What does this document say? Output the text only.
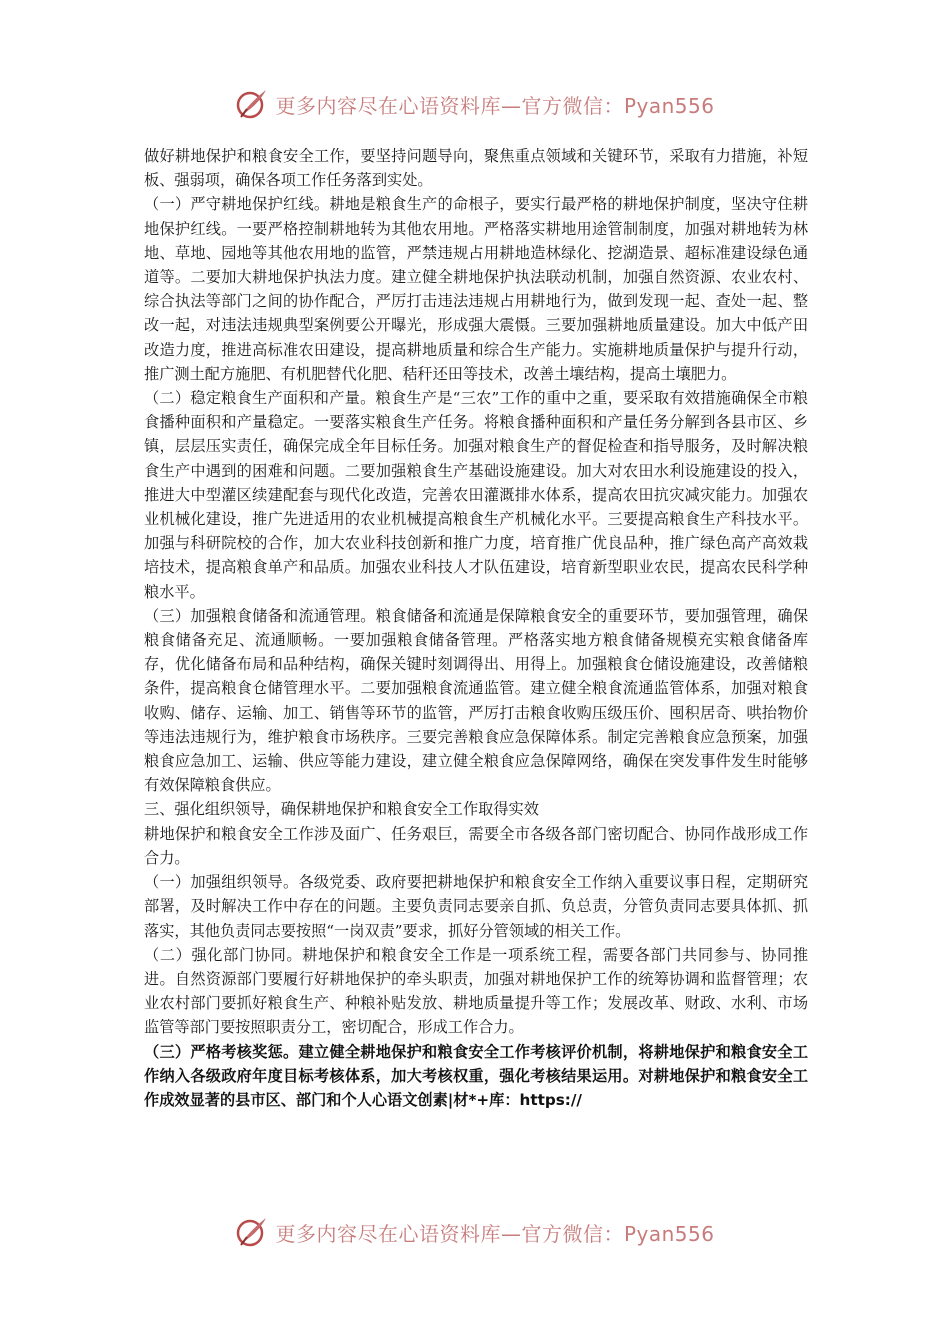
更多内容尽在心语资料库—官方微信：Pyan556

做好耕地保护和粮食安全工作，要坚持问题导向，聚焦重点领域和关键环节，采取有力措施，补短板、强弱项，确保各项工作任务落到实处。

（一）严守耕地保护红线。耕地是粮食生产的命根子，要实行最严格的耕地保护制度，坚决守住耕地保护红线。一要严格控制耕地转为其他农用地。严格落实耕地用途管制制度，加强对耕地转为林地、草地、园地等其他农用地的监管，严禁违规占用耕地造林绿化、挖湖造景、超标准建设绿色通道等。二要加大耕地保护执法力度。建立健全耕地保护执法联动机制，加强自然资源、农业农村、综合执法等部门之间的协作配合，严厉打击违法违规占用耕地行为，做到发现一起、查处一起、整改一起，对违法违规典型案例要公开曝光，形成强大震慑。三要加强耕地质量建设。加大中低产田改造力度，推进高标准农田建设，提高耕地质量和综合生产能力。实施耕地质量保护与提升行动，推广测土配方施肥、有机肥替代化肥、秸秆还田等技术，改善土壤结构，提高土壤肥力。

（二）稳定粮食生产面积和产量。粮食生产是“三农”工作的重中之重，要采取有效措施确保全市粮食播种面积和产量稳定。一要落实粮食生产任务。将粮食播种面积和产量任务分解到各县市区、乡镇，层层压实责任，确保完成全年目标任务。加强对粮食生产的督促检查和指导服务，及时解决粮食生产中遇到的困难和问题。二要加强粮食生产基础设施建设。加大对农田水利设施建设的投入，推进大中型灌区续建配套与现代化改造，完善农田灌溉排水体系，提高农田抗灾减灾能力。加强农业机械化建设，推广先进适用的农业机械提高粮食生产机械化水平。三要提高粮食生产科技水平。加强与科研院校的合作，加大农业科技创新和推广力度，培育推广优良品种，推广绿色高产高效栽培技术，提高粮食单产和品质。加强农业科技人才队伍建设，培育新型职业农民，提高农民科学种粮水平。

（三）加强粮食储备和流通管理。粮食储备和流通是保障粮食安全的重要环节，要加强管理，确保粮食储备充足、流通顺畅。一要加强粮食储备管理。严格落实地方粮食储备规模充实粮食储备库存，优化储备布局和品种结构，确保关键时刻调得出、用得上。加强粮食仓储设施建设，改善储粮条件，提高粮食仓储管理水平。二要加强粮食流通监管。建立健全粮食流通监管体系，加强对粮食收购、储存、运输、加工、销售等环节的监管，严厉打击粮食收购压级压价、囤积居奇、哄抬物价等违法违规行为，维护粮食市场秩序。三要完善粮食应急保障体系。制定完善粮食应急预案，加强粮食应急加工、运输、供应等能力建设，建立健全粮食应急保障网络，确保在突发事件发生时能够有效保障粮食供应。

三、强化组织领导，确保耕地保护和粮食安全工作取得实效

耕地保护和粮食安全工作涉及面广、任务艰巨，需要全市各级各部门密切配合、协同作战形成工作合力。

（一）加强组织领导。各级党委、政府要把耕地保护和粮食安全工作纳入重要议事日程，定期研究部署，及时解决工作中存在的问题。主要负责同志要亲自抓、负总责，分管负责同志要具体抓、抓落实，其他负责同志要按照“一岗双责”要求，抓好分管领域的相关工作。

（二）强化部门协同。耕地保护和粮食安全工作是一项系统工程，需要各部门共同参与、协同推进。自然资源部门要履行好耕地保护的牵头职责，加强对耕地保护工作的统筹协调和监督管理；农业农村部门要抓好粮食生产、种粮补贴发放、耕地质量提升等工作；发展改革、财政、水利、市场监管等部门要按照职责分工，密切配合，形成工作合力。

（三）严格考核奖惩。建立健全耕地保护和粮食安全工作考核评价机制，将耕地保护和粮食安全工作纳入各级政府年度目标考核体系，加大考核权重，强化考核结果运用。对耕地保护和粮食安全工作成效显著的县市区、部门和个人心语文创素|材*+库：https://

更多内容尽在心语资料库—官方微信：Pyan556
